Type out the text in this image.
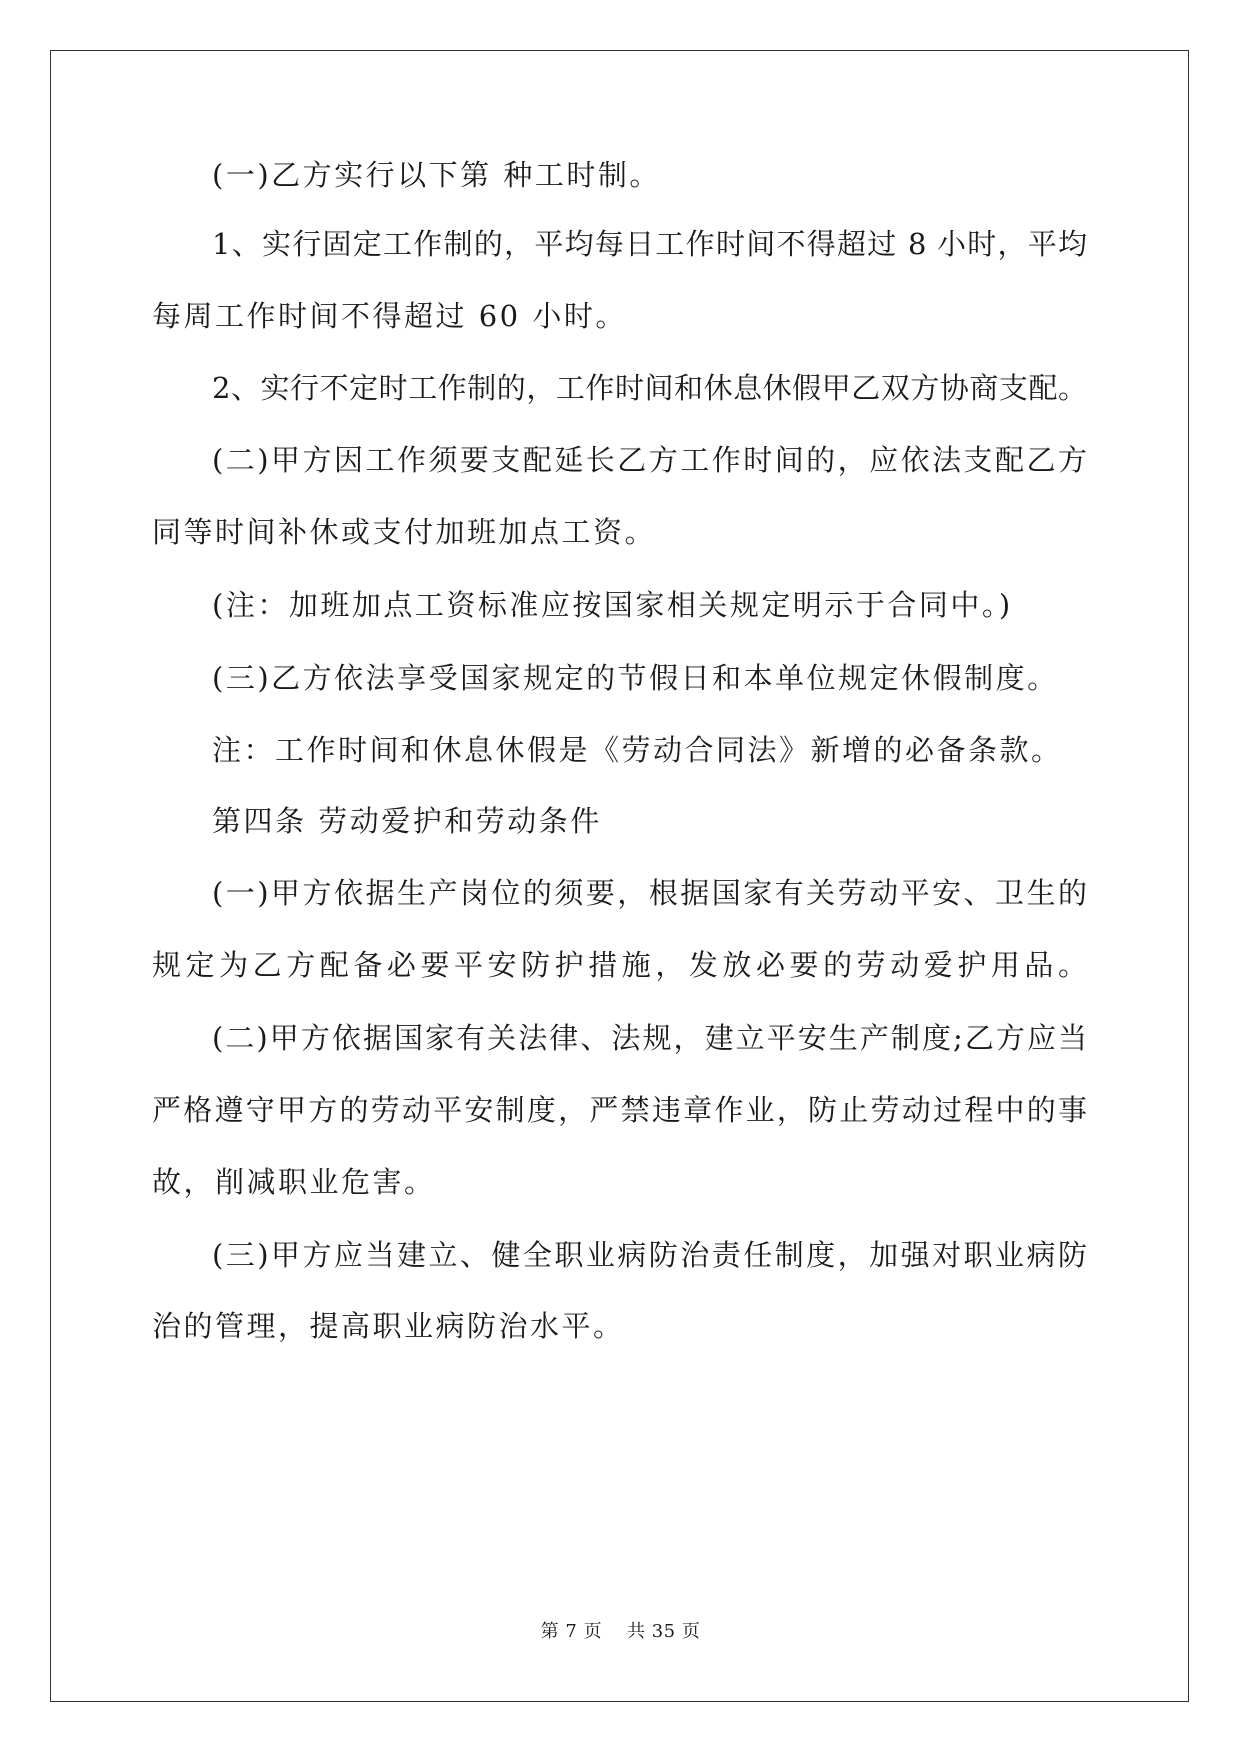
(一)乙方实行以下第 种工时制。
1、实行固定工作制的，平均每日工作时间不得超过 8 小时，平均
每周工作时间不得超过 60 小时。
2、实行不定时工作制的，工作时间和休息休假甲乙双方协商支配。
(二)甲方因工作须要支配延长乙方工作时间的，应依法支配乙方
同等时间补休或支付加班加点工资。
(注：加班加点工资标准应按国家相关规定明示于合同中。)
(三)乙方依法享受国家规定的节假日和本单位规定休假制度。
注：工作时间和休息休假是《劳动合同法》新增的必备条款。
第四条 劳动爱护和劳动条件
(一)甲方依据生产岗位的须要，根据国家有关劳动平安、卫生的
规定为乙方配备必要平安防护措施，发放必要的劳动爱护用品。
(二)甲方依据国家有关法律、法规，建立平安生产制度;乙方应当
严格遵守甲方的劳动平安制度，严禁违章作业，防止劳动过程中的事
故，削减职业危害。
(三)甲方应当建立、健全职业病防治责任制度，加强对职业病防
治的管理，提高职业病防治水平。
第 7 页 共 35 页
